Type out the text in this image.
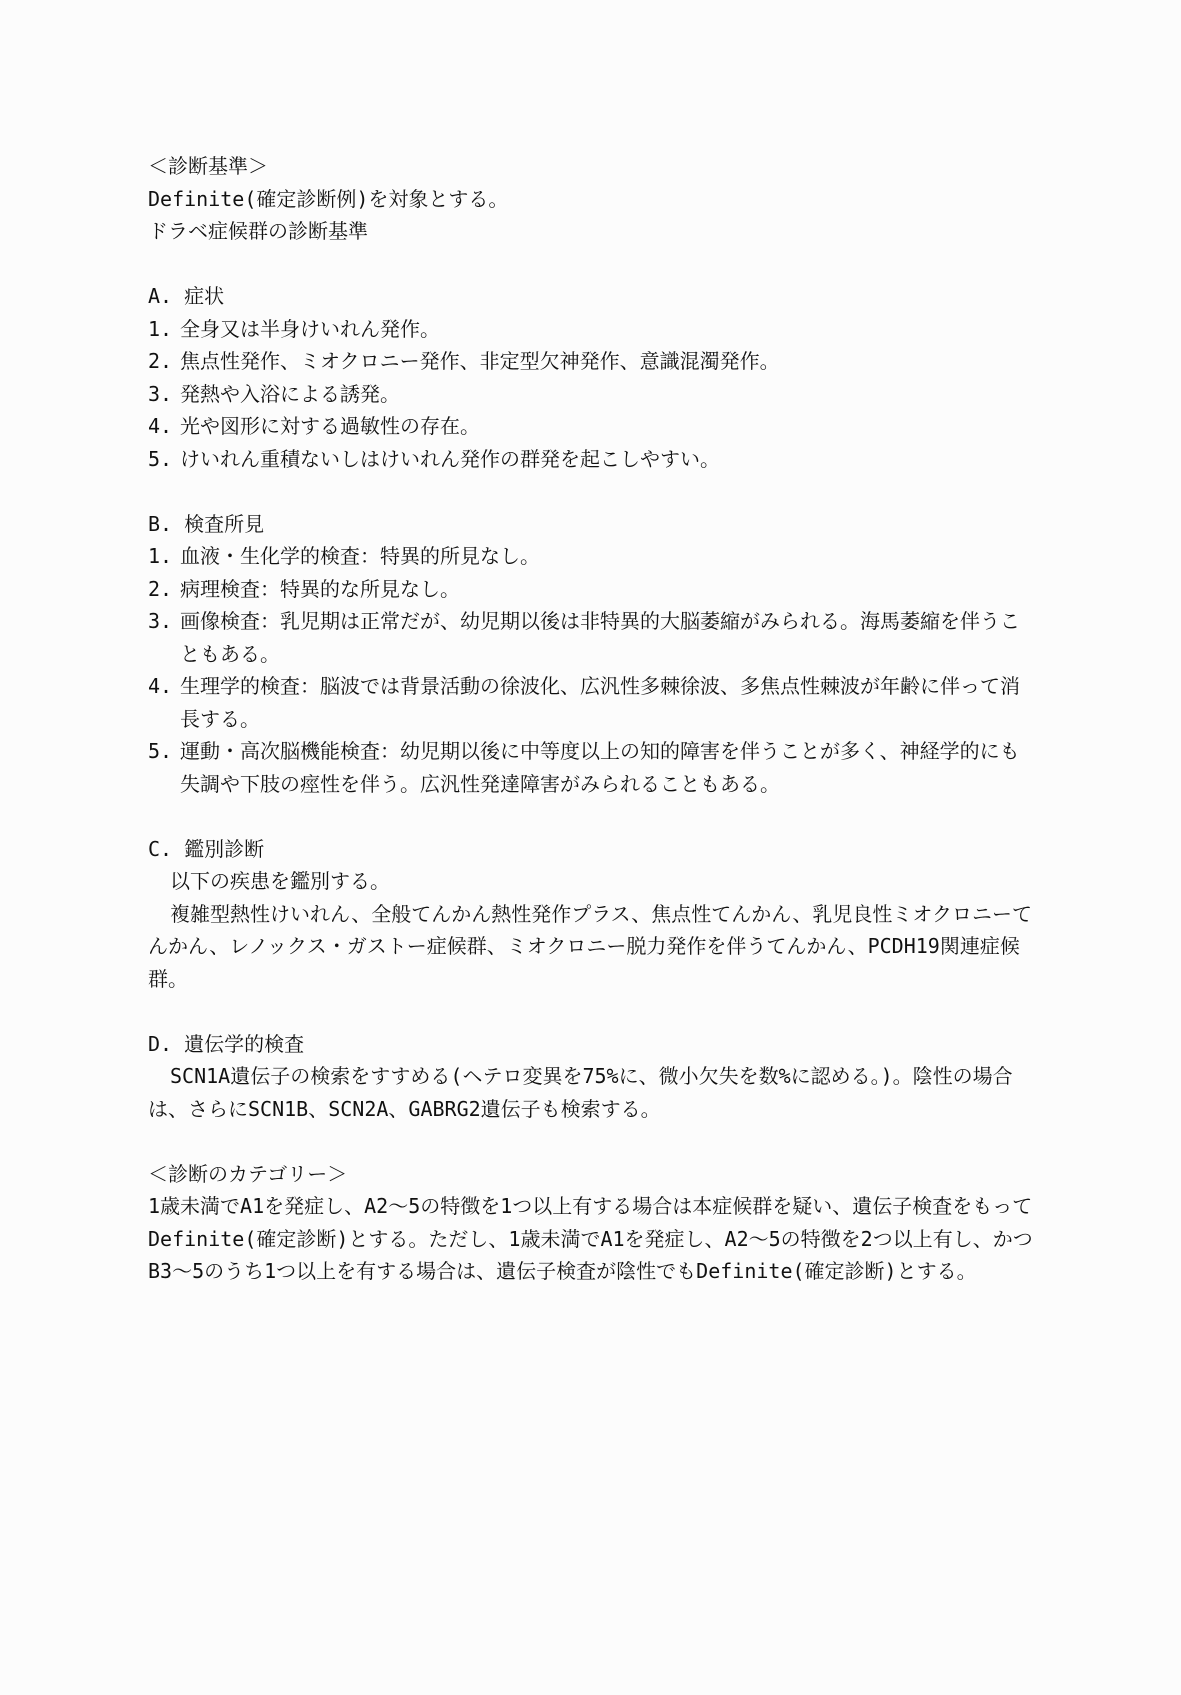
＜診断基準＞
Definite(確定診断例)を対象とする。
ドラベ症候群の診断基準
A. 症状
1. 全身又は半身けいれん発作。
2. 焦点性発作、ミオクロニー発作、非定型欠神発作、意識混濁発作。
3. 発熱や入浴による誘発。
4. 光や図形に対する過敏性の存在。
5. けいれん重積ないしはけいれん発作の群発を起こしやすい。
B. 検査所見
1. 血液・生化学的検査：特異的所見なし。
2. 病理検査：特異的な所見なし。
3. 画像検査：乳児期は正常だが、幼児期以後は非特異的大脳萎縮がみられる。海馬萎縮を伴うこともある。
4. 生理学的検査：脳波では背景活動の徐波化、広汎性多棘徐波、多焦点性棘波が年齢に伴って消長する。
5. 運動・高次脳機能検査：幼児期以後に中等度以上の知的障害を伴うことが多く、神経学的にも失調や下肢の痙性を伴う。広汎性発達障害がみられることもある。
C. 鑑別診断
以下の疾患を鑑別する。
複雑型熱性けいれん、全般てんかん熱性発作プラス、焦点性てんかん、乳児良性ミオクロニーてんかん、レノックス・ガストー症候群、ミオクロニー脱力発作を伴うてんかん、PCDH19関連症候群。
D. 遺伝学的検査
SCN1A遺伝子の検索をすすめる(ヘテロ変異を75%に、微小欠失を数%に認める。)。陰性の場合は、さらにSCN1B、SCN2A、GABRG2遺伝子も検索する。
＜診断のカテゴリー＞
1歳未満でA1を発症し、A2〜5の特徴を1つ以上有する場合は本症候群を疑い、遺伝子検査をもってDefinite(確定診断)とする。ただし、1歳未満でA1を発症し、A2〜5の特徴を2つ以上有し、かつB3〜5のうち1つ以上を有する場合は、遺伝子検査が陰性でもDefinite(確定診断)とする。
